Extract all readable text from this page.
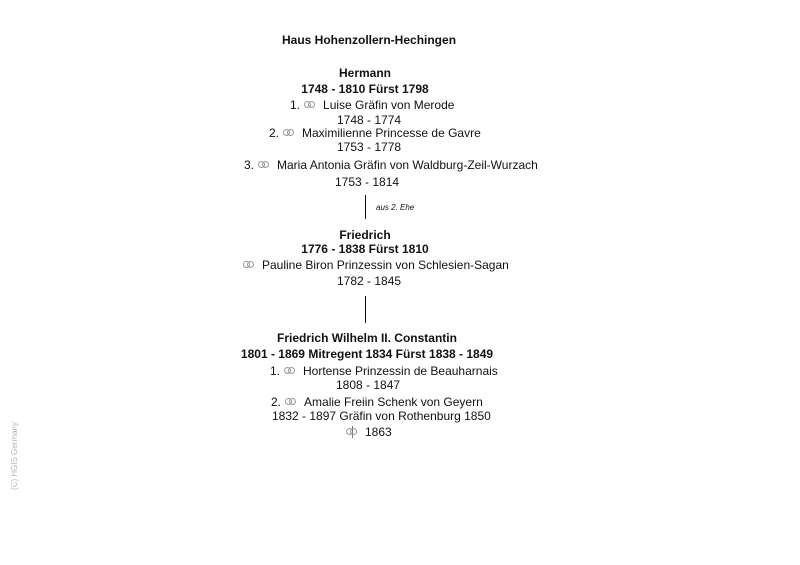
Haus Hohenzollern-Hechingen
Hermann
1748 - 1810 Fürst 1798
1. Luise Gräfin von Merode
1748 - 1774
2. Maximilienne Princesse de Gavre
1753 - 1778
3. Maria Antonia Gräfin von Waldburg-Zeil-Wurzach
1753 - 1814
aus 2. Ehe
Friedrich
1776 - 1838 Fürst 1810
Pauline Biron Prinzessin von Schlesien-Sagan
1782 - 1845
Friedrich Wilhelm II. Constantin
1801 - 1869 Mitregent 1834 Fürst 1838 - 1849
1. Hortense Prinzessin de Beauharnais
1808 - 1847
2. Amalie Freiin Schenk von Geyern
1832 - 1897 Gräfin von Rothenburg 1850
1863
(C) HGIS Germany
